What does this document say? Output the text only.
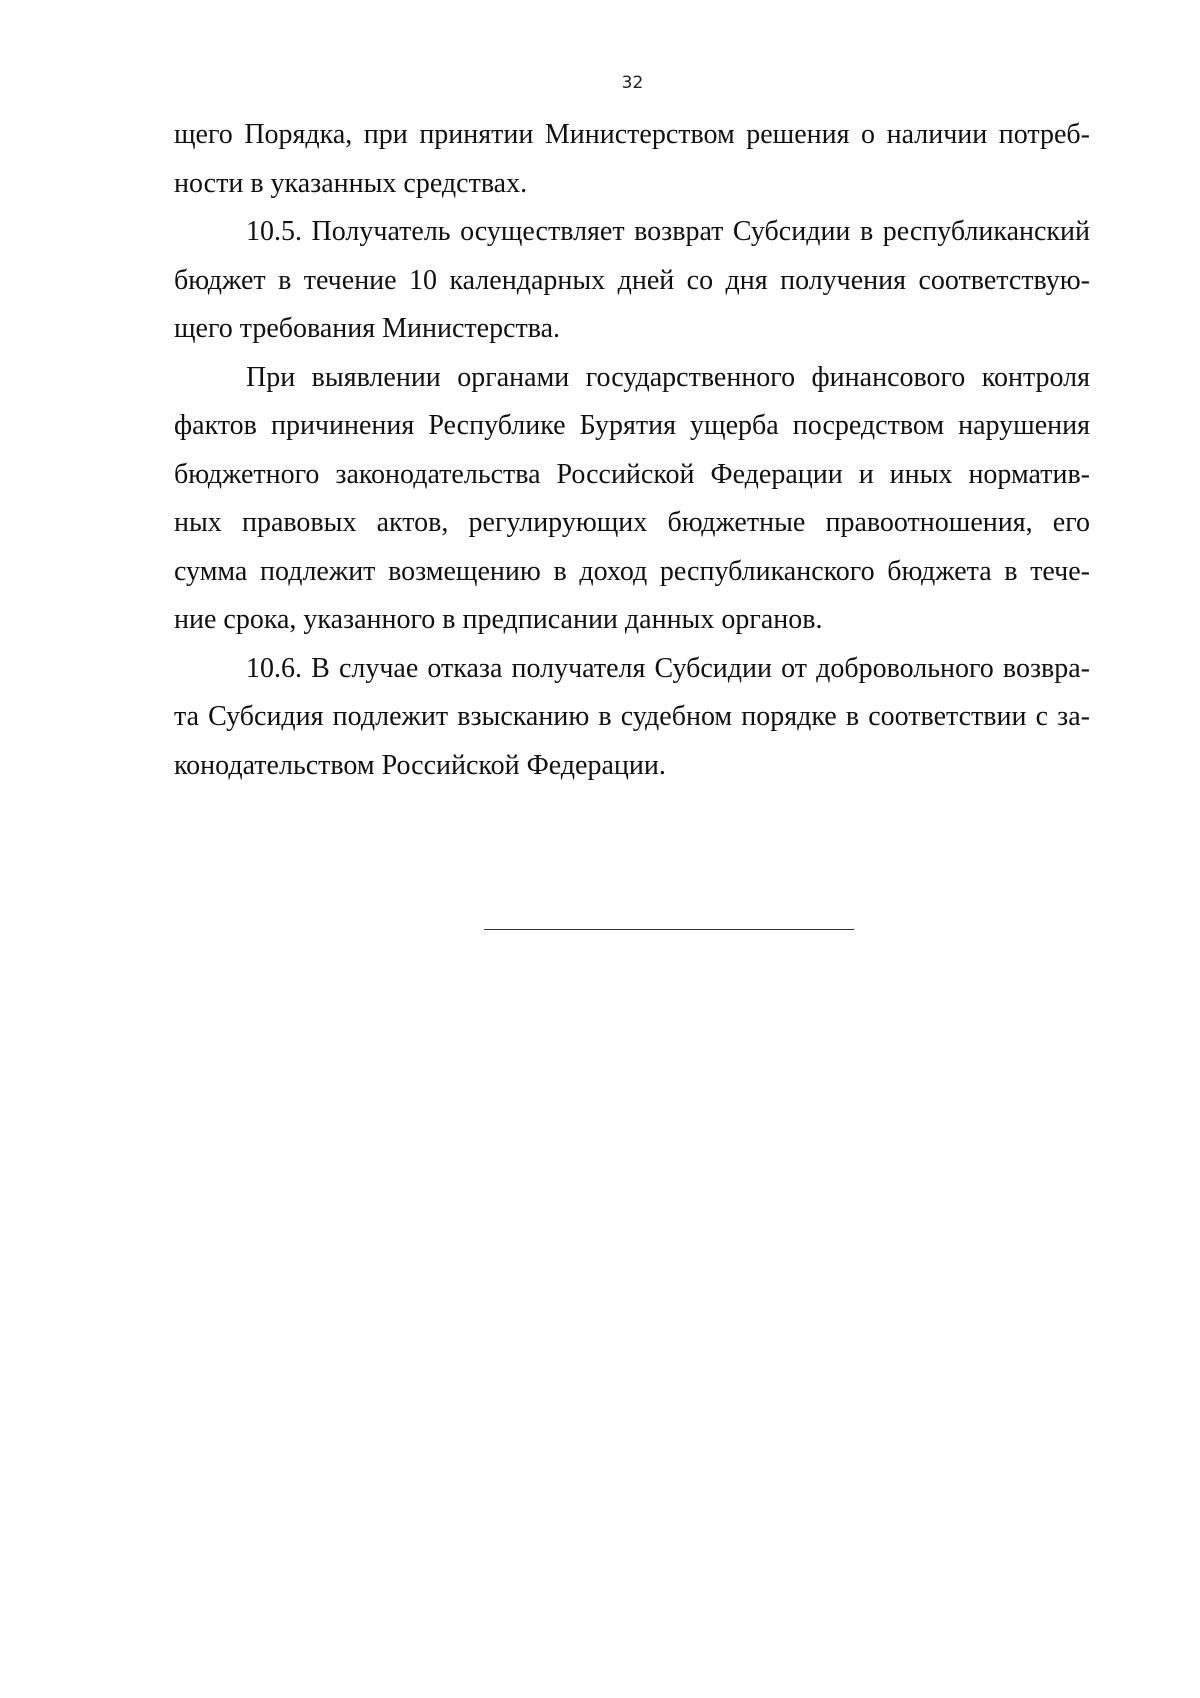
32

щего Порядка, при принятии Министерством решения о наличии потреб-
ности в указанных средствах.

10.5. Получатель осуществляет возврат Субсидии в республиканский
бюджет в течение 10 календарных дней со дня получения соответствую-
щего требования Министерства.

При выявлении органами государственного финансового контроля
фактов причинения Республике Бурятия ущерба посредством нарушения
бюджетного законодательства Российской Федерации и иных норматив-
ных правовых актов, регулирующих бюджетные правоотношения, его
сумма подлежит возмещению в доход республиканского бюджета в тече-
ние срока, указанного в предписании данных органов.

10.6. В случае отказа получателя Субсидии от добровольного возвра-
та Субсидия подлежит взысканию в судебном порядке в соответствии с за-
конодательством Российской Федерации.
